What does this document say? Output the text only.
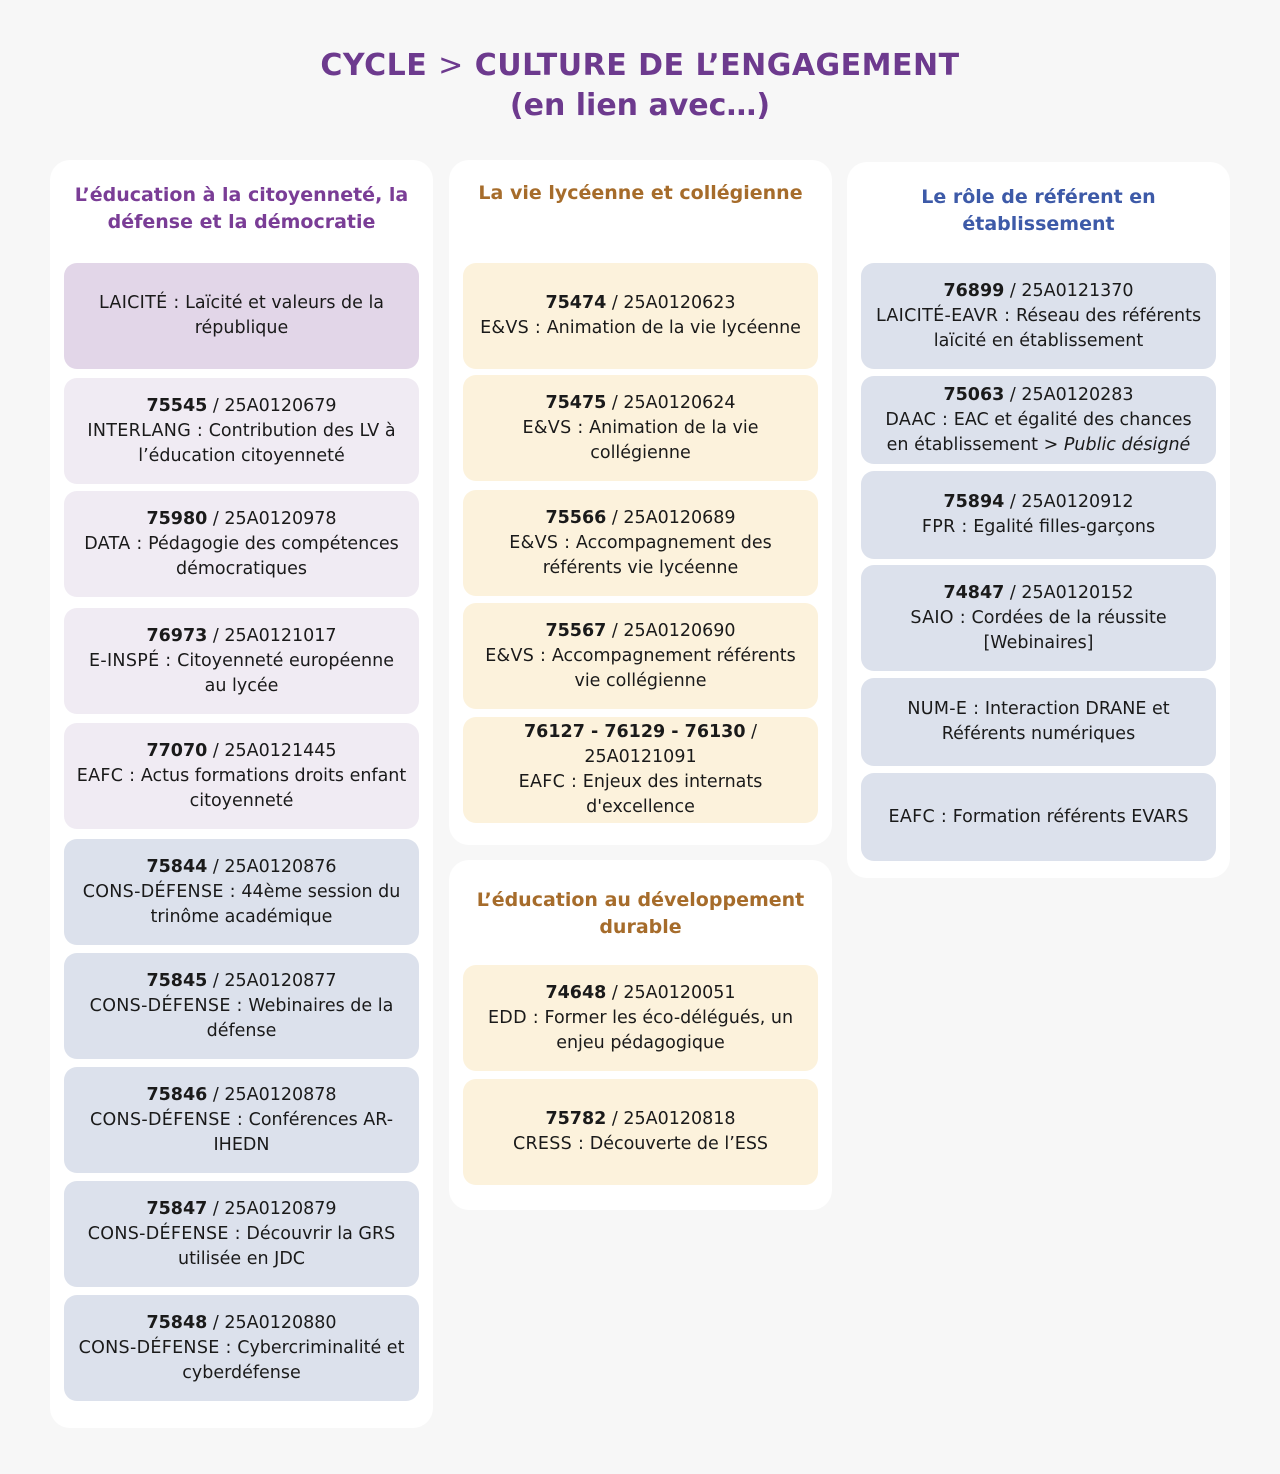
CYCLE > CULTURE DE L’ENGAGEMENT
(en lien avec…)
L’éducation à la citoyenneté, la défense et la démocratie
LAICITÉ : Laïcité et valeurs de la république
75545 / 25A0120679
INTERLANG : Contribution des LV à l’éducation citoyenneté
75980 / 25A0120978
DATA : Pédagogie des compétences démocratiques
76973 / 25A0121017
E-INSPÉ : Citoyenneté européenne au lycée
77070 / 25A0121445
EAFC : Actus formations droits enfant citoyenneté
75844 / 25A0120876
CONS-DÉFENSE : 44ème session du trinôme académique
75845 / 25A0120877
CONS-DÉFENSE : Webinaires de la défense
75846 / 25A0120878
CONS-DÉFENSE : Conférences AR-IHEDN
75847 / 25A0120879
CONS-DÉFENSE : Découvrir la GRS utilisée en JDC
75848 / 25A0120880
CONS-DÉFENSE : Cybercriminalité et cyberdéfense
La vie lycéenne et collégienne
75474 / 25A0120623
E&VS : Animation de la vie lycéenne
75475 / 25A0120624
E&VS : Animation de la vie collégienne
75566 / 25A0120689
E&VS : Accompagnement des référents vie lycéenne
75567 / 25A0120690
E&VS : Accompagnement référents vie collégienne
76127 - 76129 - 76130 / 25A0121091
EAFC : Enjeux des internats d'excellence
L’éducation au développement durable
74648 / 25A0120051
EDD : Former les éco-délégués, un enjeu pédagogique
75782 / 25A0120818
CRESS : Découverte de l’ESS
Le rôle de référent en établissement
76899 / 25A0121370
LAICITÉ-EAVR : Réseau des référents laïcité en établissement
75063 / 25A0120283
DAAC : EAC et égalité des chances en établissement > Public désigné
75894 / 25A0120912
FPR : Egalité filles-garçons
74847 / 25A0120152
SAIO : Cordées de la réussite [Webinaires]
NUM-E : Interaction DRANE et Référents numériques
EAFC : Formation référents EVARS
